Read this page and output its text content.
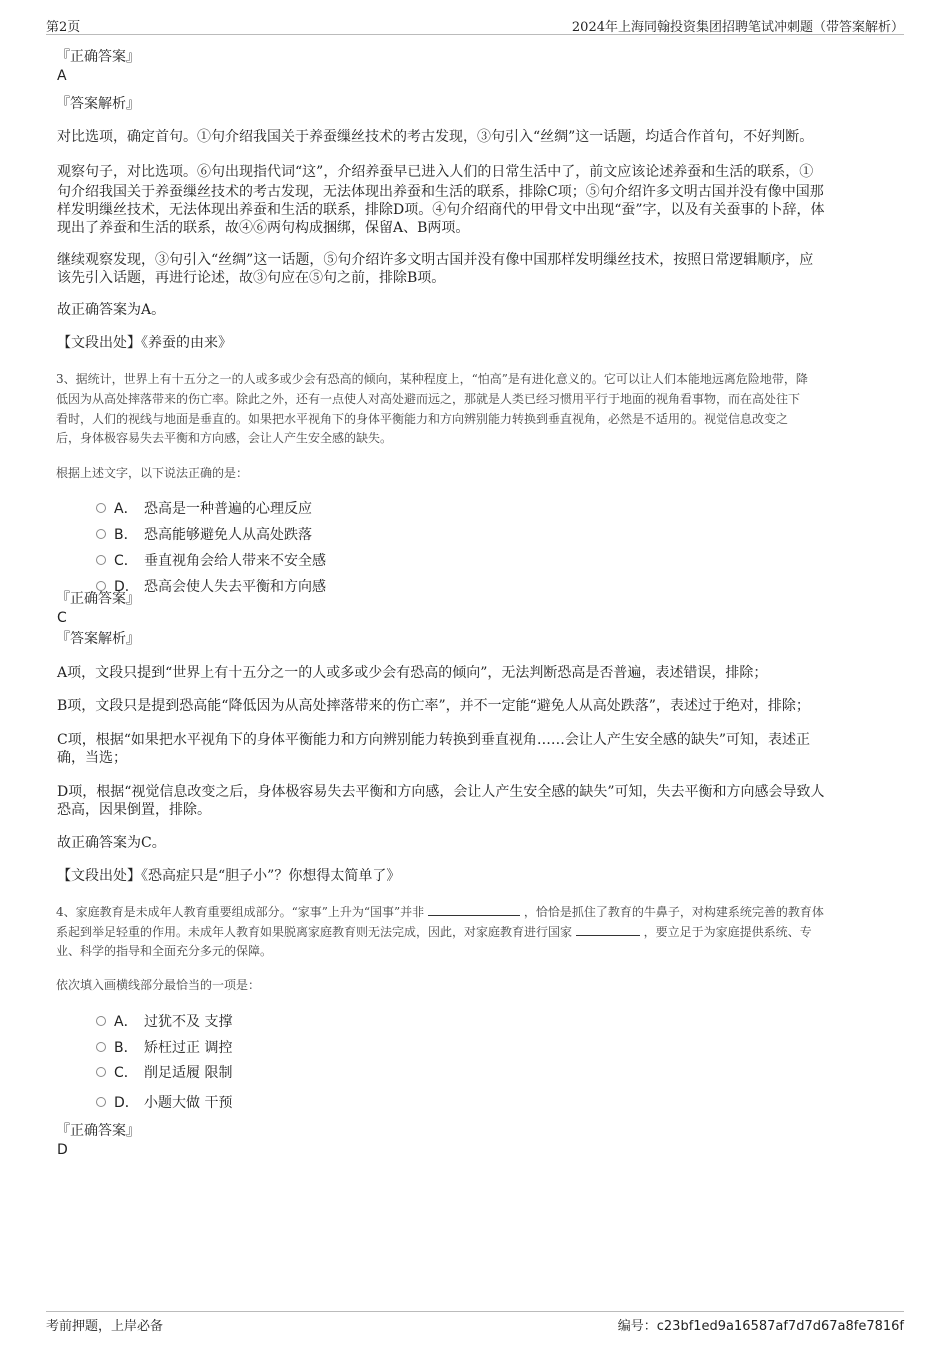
第2页	2024年上海同翰投资集团招聘笔试冲刺题（带答案解析）

『正确答案』

A

『答案解析』

对比选项，确定首句。①句介绍我国关于养蚕缫丝技术的考古发现，③句引入“丝绸”这一话题，均适合作首句，不好判断。

观察句子，对比选项。⑥句出现指代词“这”，介绍养蚕早已进入人们的日常生活中了，前文应该论述养蚕和生活的联系，①

句介绍我国关于养蚕缫丝技术的考古发现，无法体现出养蚕和生活的联系，排除C项；⑤句介绍许多文明古国并没有像中国那

样发明缫丝技术，无法体现出养蚕和生活的联系，排除D项。④句介绍商代的甲骨文中出现“蚕”字，以及有关蚕事的卜辞，体

现出了养蚕和生活的联系，故④⑥两句构成捆绑，保留A、B两项。

继续观察发现，③句引入“丝绸”这一话题，⑤句介绍许多文明古国并没有像中国那样发明缫丝技术，按照日常逻辑顺序，应

该先引入话题，再进行论述，故③句应在⑤句之前，排除B项。

故正确答案为A。

【文段出处】《养蚕的由来》

3、据统计，世界上有十五分之一的人或多或少会有恐高的倾向，某种程度上，“怕高”是有进化意义的。它可以让人们本能地远离危险地带，降

低因为从高处摔落带来的伤亡率。除此之外，还有一点使人对高处避而远之，那就是人类已经习惯用平行于地面的视角看事物，而在高处往下

看时，人们的视线与地面是垂直的。如果把水平视角下的身体平衡能力和方向辨别能力转换到垂直视角，必然是不适用的。视觉信息改变之

后，身体极容易失去平衡和方向感，会让人产生安全感的缺失。

根据上述文字，以下说法正确的是：

A． 恐高是一种普遍的心理反应
B． 恐高能够避免人从高处跌落
C． 垂直视角会给人带来不安全感
D． 恐高会使人失去平衡和方向感

『正确答案』

C

『答案解析』

A项，文段只提到“世界上有十五分之一的人或多或少会有恐高的倾向”，无法判断恐高是否普遍，表述错误，排除；

B项，文段只是提到恐高能“降低因为从高处摔落带来的伤亡率”，并不一定能“避免人从高处跌落”，表述过于绝对，排除；

C项，根据“如果把水平视角下的身体平衡能力和方向辨别能力转换到垂直视角……会让人产生安全感的缺失”可知，表述正

确，当选；

D项，根据“视觉信息改变之后，身体极容易失去平衡和方向感，会让人产生安全感的缺失”可知，失去平衡和方向感会导致人

恐高，因果倒置，排除。

故正确答案为C。

【文段出处】《恐高症只是“胆子小”？你想得太简单了》

4、家庭教育是未成年人教育重要组成部分。“家事”上升为“国事”并非	，恰恰是抓住了教育的牛鼻子，对构建系统完善的教育体

系起到举足轻重的作用。未成年人教育如果脱离家庭教育则无法完成，因此，对家庭教育进行国家	，要立足于为家庭提供系统、专

业、科学的指导和全面充分多元的保障。

依次填入画横线部分最恰当的一项是：

A． 过犹不及 支撑
B． 矫枉过正 调控
C． 削足适履 限制
D． 小题大做 干预

『正确答案』

D

考前押题，上岸必备	编号：c23bf1ed9a16587af7d7d67a8fe7816f
